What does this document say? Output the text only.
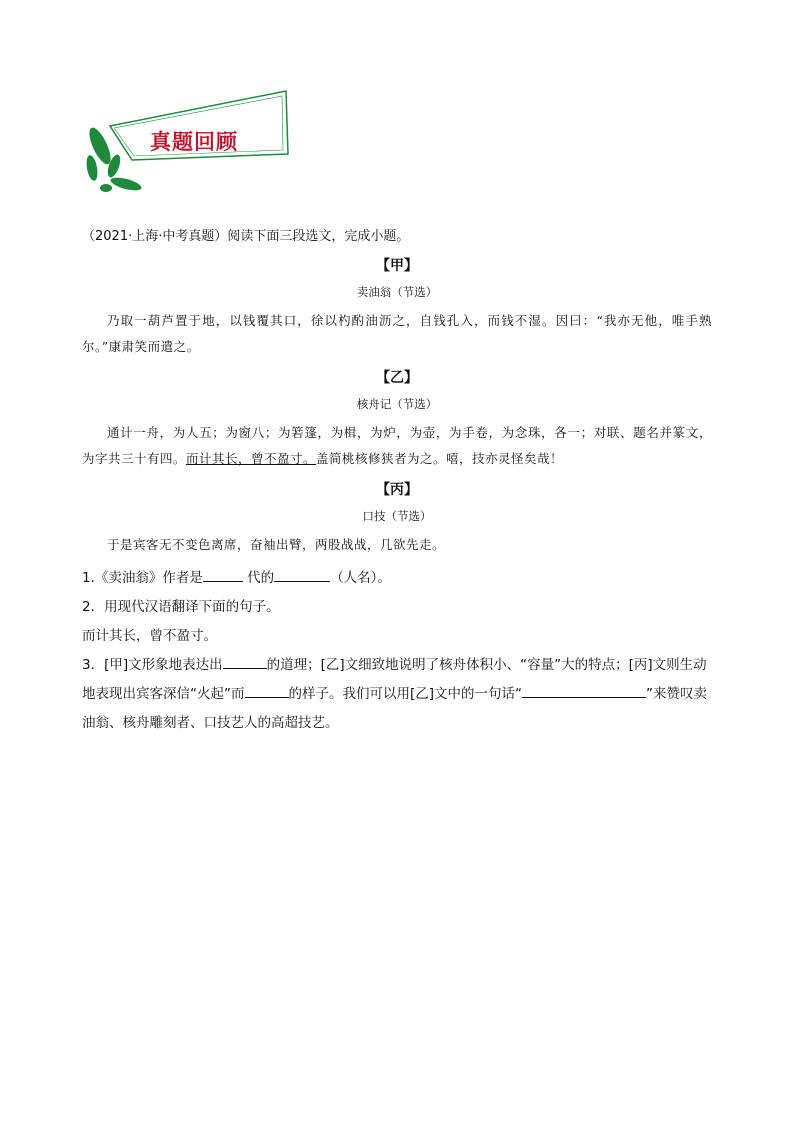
真题回顾

（2021·上海·中考真题）阅读下面三段选文，完成小题。

【甲】
卖油翁（节选）

乃取一葫芦置于地，以钱覆其口，徐以杓酌油沥之，自钱孔入，而钱不湿。因曰：“我亦无他，唯手熟尔。”康肃笑而遣之。

【乙】
核舟记（节选）

通计一舟，为人五；为窗八；为箬篷，为楫，为炉，为壶，为手卷，为念珠，各一；对联、题名并篆文，为字共三十有四。而计其长，曾不盈寸。盖简桃核修狭者为之。嘻，技亦灵怪矣哉！

【丙】
口技（节选）

于是宾客无不变色离席，奋袖出臂，两股战战，几欲先走。

1.《卖油翁》作者是	代的	（人名）。

2．用现代汉语翻译下面的句子。

而计其长，曾不盈寸。

3．[甲]文形象地表达出	的道理；[乙]文细致地说明了核舟体积小、“容量”大的特点；[丙]文则生动地表现出宾客深信“火起”而	的样子。我们可以用[乙]文中的一句话“	”来赞叹卖油翁、核舟雕刻者、口技艺人的高超技艺。
